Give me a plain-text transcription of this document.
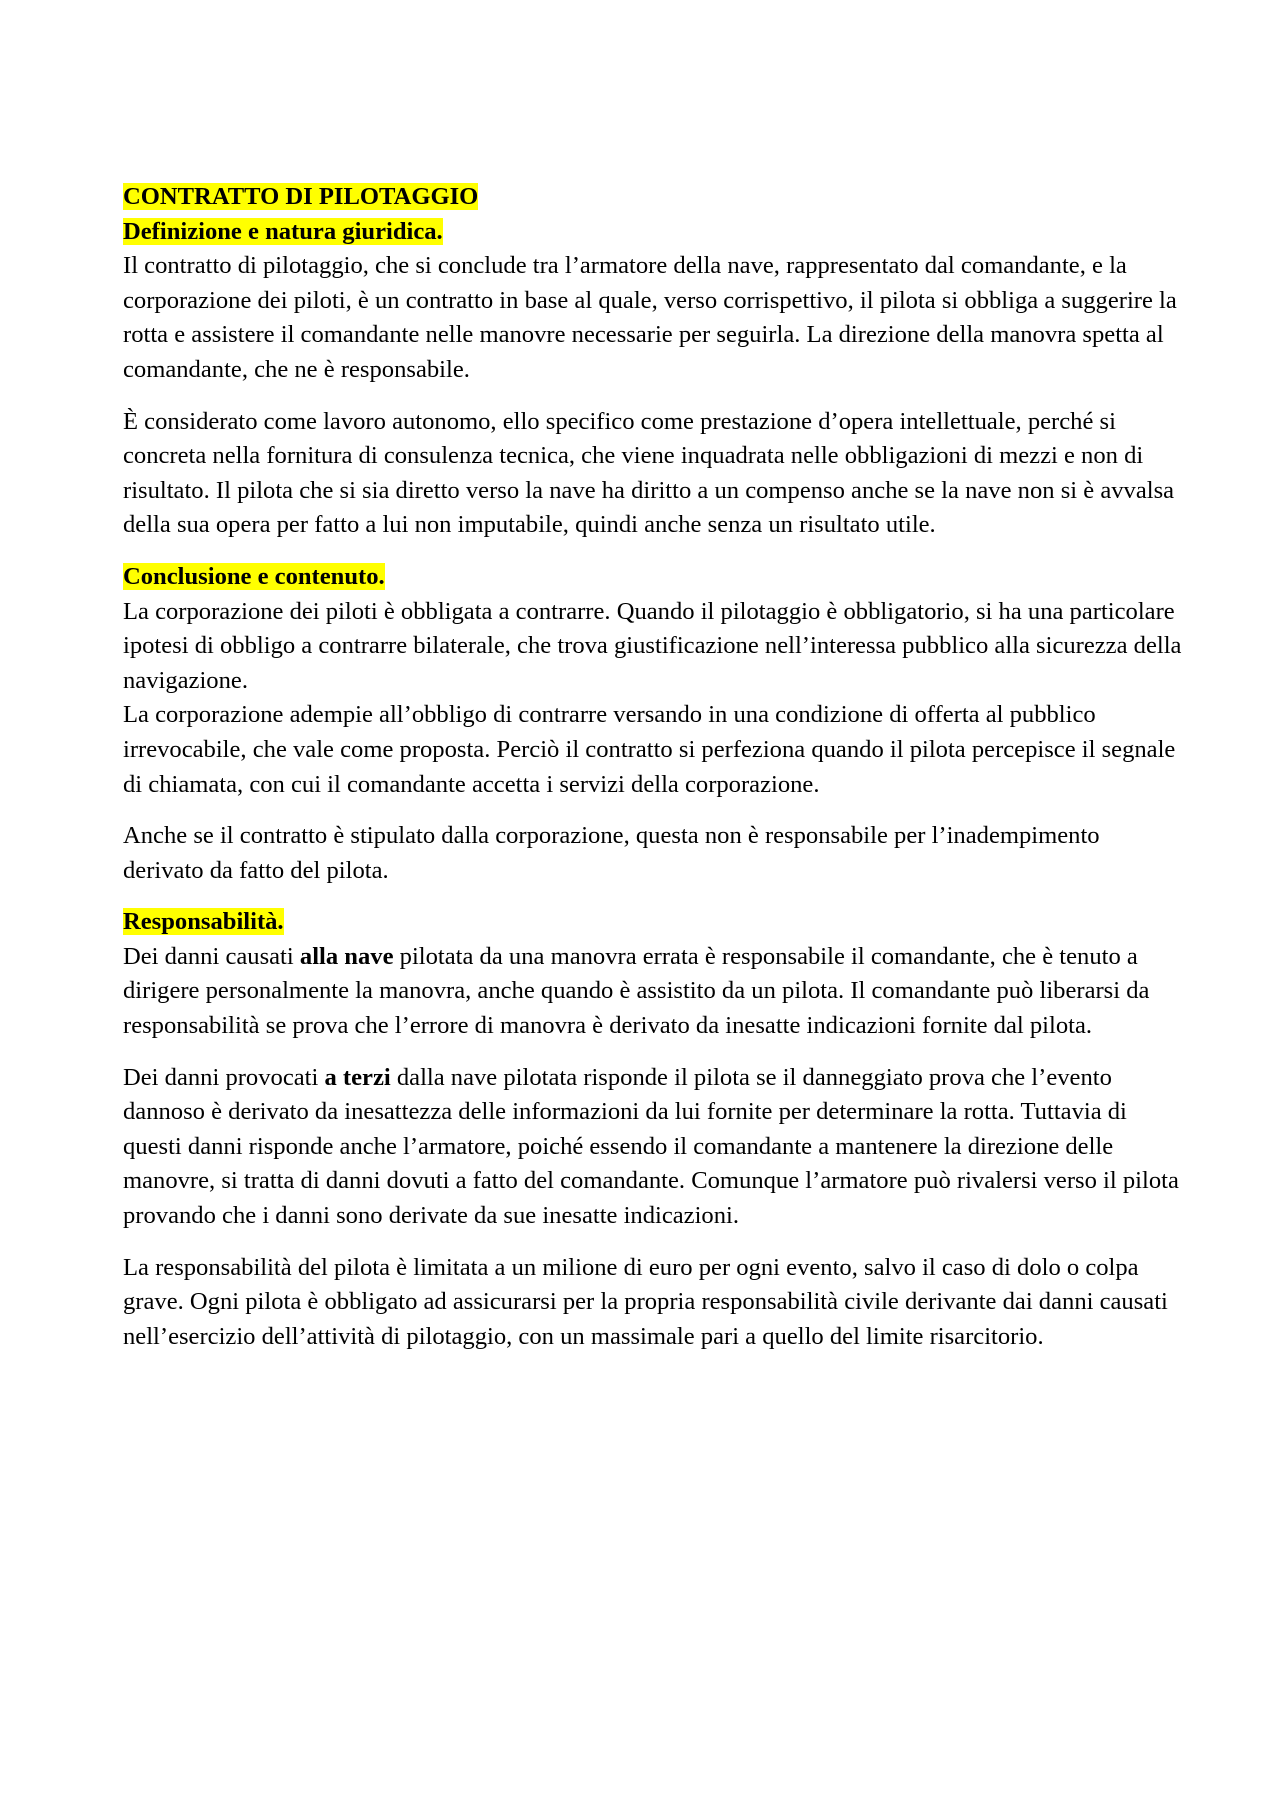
CONTRATTO DI PILOTAGGIO
Definizione e natura giuridica.

Il contratto di pilotaggio, che si conclude tra l’armatore della nave, rappresentato dal comandante, e la corporazione dei piloti, è un contratto in base al quale, verso corrispettivo, il pilota si obbliga a suggerire la rotta e assistere il comandante nelle manovre necessarie per seguirla. La direzione della manovra spetta al comandante, che ne è responsabile.

È considerato come lavoro autonomo, ello specifico come prestazione d’opera intellettuale, perché si concreta nella fornitura di consulenza tecnica, che viene inquadrata nelle obbligazioni di mezzi e non di risultato. Il pilota che si sia diretto verso la nave ha diritto a un compenso anche se la nave non si è avvalsa della sua opera per fatto a lui non imputabile, quindi anche senza un risultato utile.

Conclusione e contenuto.

La corporazione dei piloti è obbligata a contrarre. Quando il pilotaggio è obbligatorio, si ha una particolare ipotesi di obbligo a contrarre bilaterale, che trova giustificazione nell’interessa pubblico alla sicurezza della navigazione.

La corporazione adempie all’obbligo di contrarre versando in una condizione di offerta al pubblico irrevocabile, che vale come proposta. Perciò il contratto si perfeziona quando il pilota percepisce il segnale di chiamata, con cui il comandante accetta i servizi della corporazione.

Anche se il contratto è stipulato dalla corporazione, questa non è responsabile per l’inadempimento derivato da fatto del pilota.

Responsabilità.

Dei danni causati alla nave pilotata da una manovra errata è responsabile il comandante, che è tenuto a dirigere personalmente la manovra, anche quando è assistito da un pilota. Il comandante può liberarsi da responsabilità se prova che l’errore di manovra è derivato da inesatte indicazioni fornite dal pilota.

Dei danni provocati a terzi dalla nave pilotata risponde il pilota se il danneggiato prova che l’evento dannoso è derivato da inesattezza delle informazioni da lui fornite per determinare la rotta. Tuttavia di questi danni risponde anche l’armatore, poiché essendo il comandante a mantenere la direzione delle manovre, si tratta di danni dovuti a fatto del comandante. Comunque l’armatore può rivalersi verso il pilota provando che i danni sono derivate da sue inesatte indicazioni.

La responsabilità del pilota è limitata a un milione di euro per ogni evento, salvo il caso di dolo o colpa grave. Ogni pilota è obbligato ad assicurarsi per la propria responsabilità civile derivante dai danni causati nell’esercizio dell’attività di pilotaggio, con un massimale pari a quello del limite risarcitorio.
